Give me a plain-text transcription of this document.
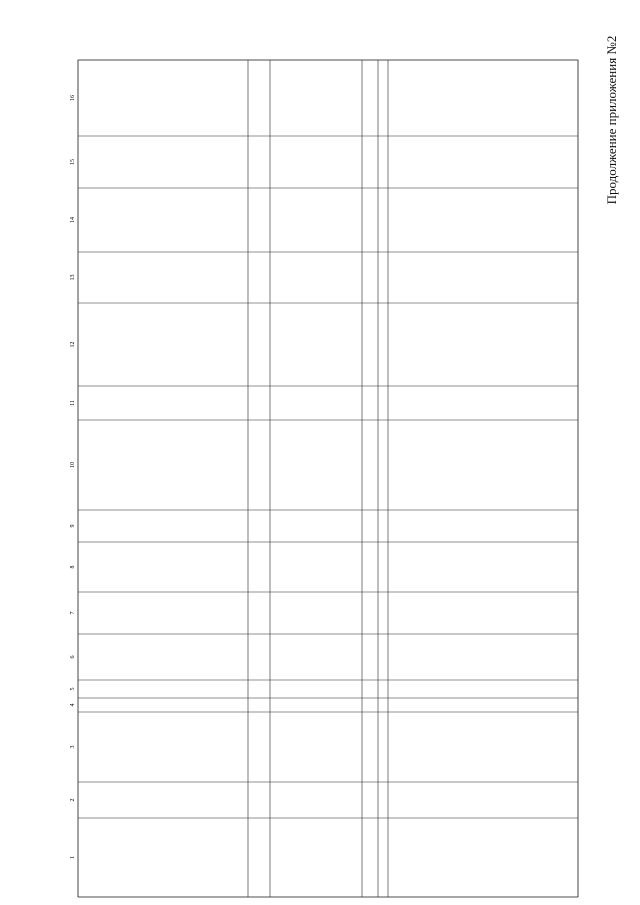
Продолжение приложения №2
1
2
3
4
5
6
7
8
9
10
11
12
13
14
15
16
